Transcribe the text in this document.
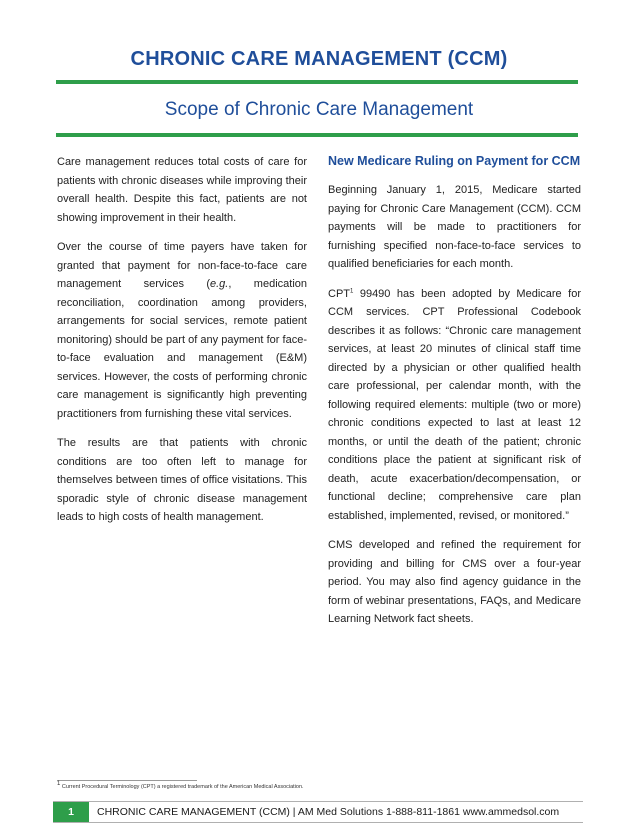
CHRONIC CARE MANAGEMENT (CCM)
Scope of Chronic Care Management

Care management reduces total costs of care for patients with chronic diseases while improving their overall health. Despite this fact, patients are not showing improvement in their health.

Over the course of time payers have taken for granted that payment for non-face-to-face care management services (e.g., medication reconciliation, coordination among providers, arrangements for social services, remote patient monitoring) should be part of any payment for face-to-face evaluation and management (E&M) services. However, the costs of performing chronic care management is significantly high preventing practitioners from furnishing these vital services.

The results are that patients with chronic conditions are too often left to manage for themselves between times of office visitations. This sporadic style of chronic disease management leads to high costs of health management.

New Medicare Ruling on Payment for CCM

Beginning January 1, 2015, Medicare started paying for Chronic Care Management (CCM). CCM payments will be made to practitioners for furnishing specified non-face-to-face services to qualified beneficiaries for each month.

CPT$^1$ 99490 has been adopted by Medicare for CCM services. CPT Professional Codebook describes it as follows: “Chronic care management services, at least 20 minutes of clinical staff time directed by a physician or other qualified health care professional, per calendar month, with the following required elements: multiple (two or more) chronic conditions expected to last at least 12 months, or until the death of the patient; chronic conditions place the patient at significant risk of death, acute exacerbation/decompensation, or functional decline; comprehensive care plan established, implemented, revised, or monitored.”

CMS developed and refined the requirement for providing and billing for CMS over a four-year period. You may also find agency guidance in the form of webinar presentations, FAQs, and Medicare Learning Network fact sheets.

$^1$ Current Procedural Terminology (CPT) a registered trademark of the American Medical Association.
1	CHRONIC CARE MANAGEMENT (CCM) | AM Med Solutions 1-888-811-1861 www.ammedsol.com
